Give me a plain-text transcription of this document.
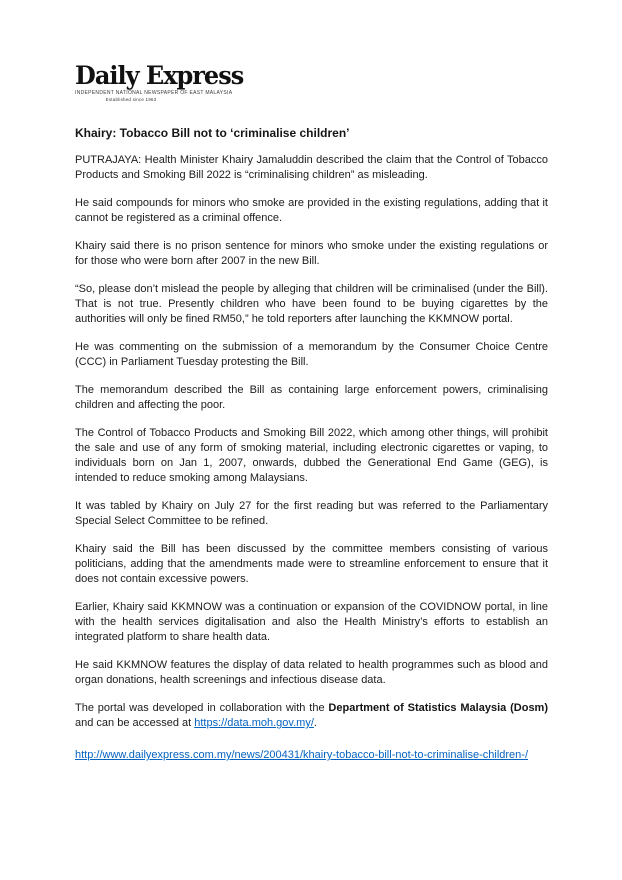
Daily Express
INDEPENDENT NATIONAL NEWSPAPER OF EAST MALAYSIA
Established since 1963
Khairy: Tobacco Bill not to ‘criminalise children’

PUTRAJAYA: Health Minister Khairy Jamaluddin described the claim that the Control of Tobacco Products and Smoking Bill 2022 is “criminalising children” as misleading.

He said compounds for minors who smoke are provided in the existing regulations, adding that it cannot be registered as a criminal offence.

Khairy said there is no prison sentence for minors who smoke under the existing regulations or for those who were born after 2007 in the new Bill.

“So, please don’t mislead the people by alleging that children will be criminalised (under the Bill). That is not true. Presently children who have been found to be buying cigarettes by the authorities will only be fined RM50,” he told reporters after launching the KKMNOW portal.

He was commenting on the submission of a memorandum by the Consumer Choice Centre (CCC) in Parliament Tuesday protesting the Bill.

The memorandum described the Bill as containing large enforcement powers, criminalising children and affecting the poor.

The Control of Tobacco Products and Smoking Bill 2022, which among other things, will prohibit the sale and use of any form of smoking material, including electronic cigarettes or vaping, to individuals born on Jan 1, 2007, onwards, dubbed the Generational End Game (GEG), is intended to reduce smoking among Malaysians.

It was tabled by Khairy on July 27 for the first reading but was referred to the Parliamentary Special Select Committee to be refined.

Khairy said the Bill has been discussed by the committee members consisting of various politicians, adding that the amendments made were to streamline enforcement to ensure that it does not contain excessive powers.

Earlier, Khairy said KKMNOW was a continuation or expansion of the COVIDNOW portal, in line with the health services digitalisation and also the Health Ministry’s efforts to establish an integrated platform to share health data.

He said KKMNOW features the display of data related to health programmes such as blood and organ donations, health screenings and infectious disease data.

The portal was developed in collaboration with the Department of Statistics Malaysia (Dosm) and can be accessed at https://data.moh.gov.my/.

http://www.dailyexpress.com.my/news/200431/khairy-tobacco-bill-not-to-criminalise-children-/
